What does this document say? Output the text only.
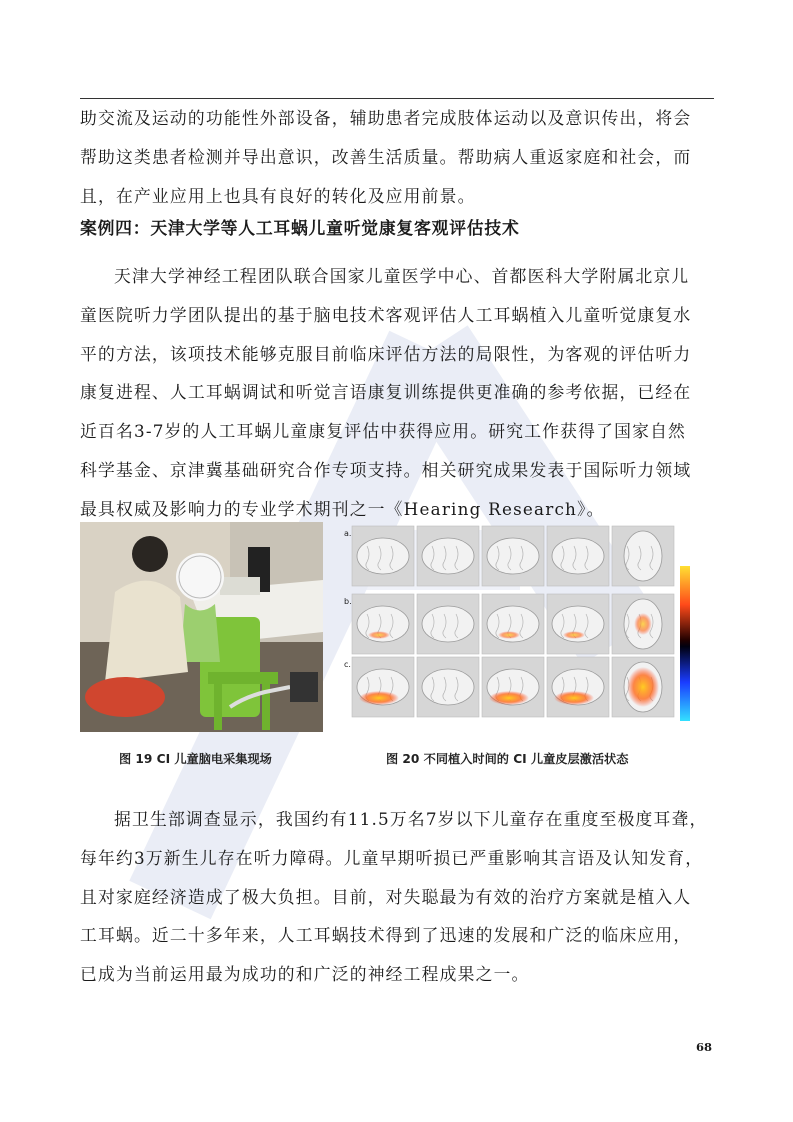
助交流及运动的功能性外部设备，辅助患者完成肢体运动以及意识传出，将会
帮助这类患者检测并导出意识，改善生活质量。帮助病人重返家庭和社会，而
且，在产业应用上也具有良好的转化及应用前景。
案例四：天津大学等人工耳蜗儿童听觉康复客观评估技术
天津大学神经工程团队联合国家儿童医学中心、首都医科大学附属北京儿
童医院听力学团队提出的基于脑电技术客观评估人工耳蜗植入儿童听觉康复水
平的方法，该项技术能够克服目前临床评估方法的局限性，为客观的评估听力
康复进程、人工耳蜗调试和听觉言语康复训练提供更准确的参考依据，已经在
近百名3-7岁的人工耳蜗儿童康复评估中获得应用。研究工作获得了国家自然
科学基金、京津冀基础研究合作专项支持。相关研究成果发表于国际听力领域
最具权威及影响力的专业学术期刊之一《Hearing Research》。
a.
b.
c.

图 19 CI 儿童脑电采集现场	图 20 不同植入时间的 CI 儿童皮层激活状态

据卫生部调查显示，我国约有11.5万名7岁以下儿童存在重度至极度耳聋，
每年约3万新生儿存在听力障碍。儿童早期听损已严重影响其言语及认知发育，
且对家庭经济造成了极大负担。目前，对失聪最为有效的治疗方案就是植入人
工耳蜗。近二十多年来，人工耳蜗技术得到了迅速的发展和广泛的临床应用，
已成为当前运用最为成功的和广泛的神经工程成果之一。
68
